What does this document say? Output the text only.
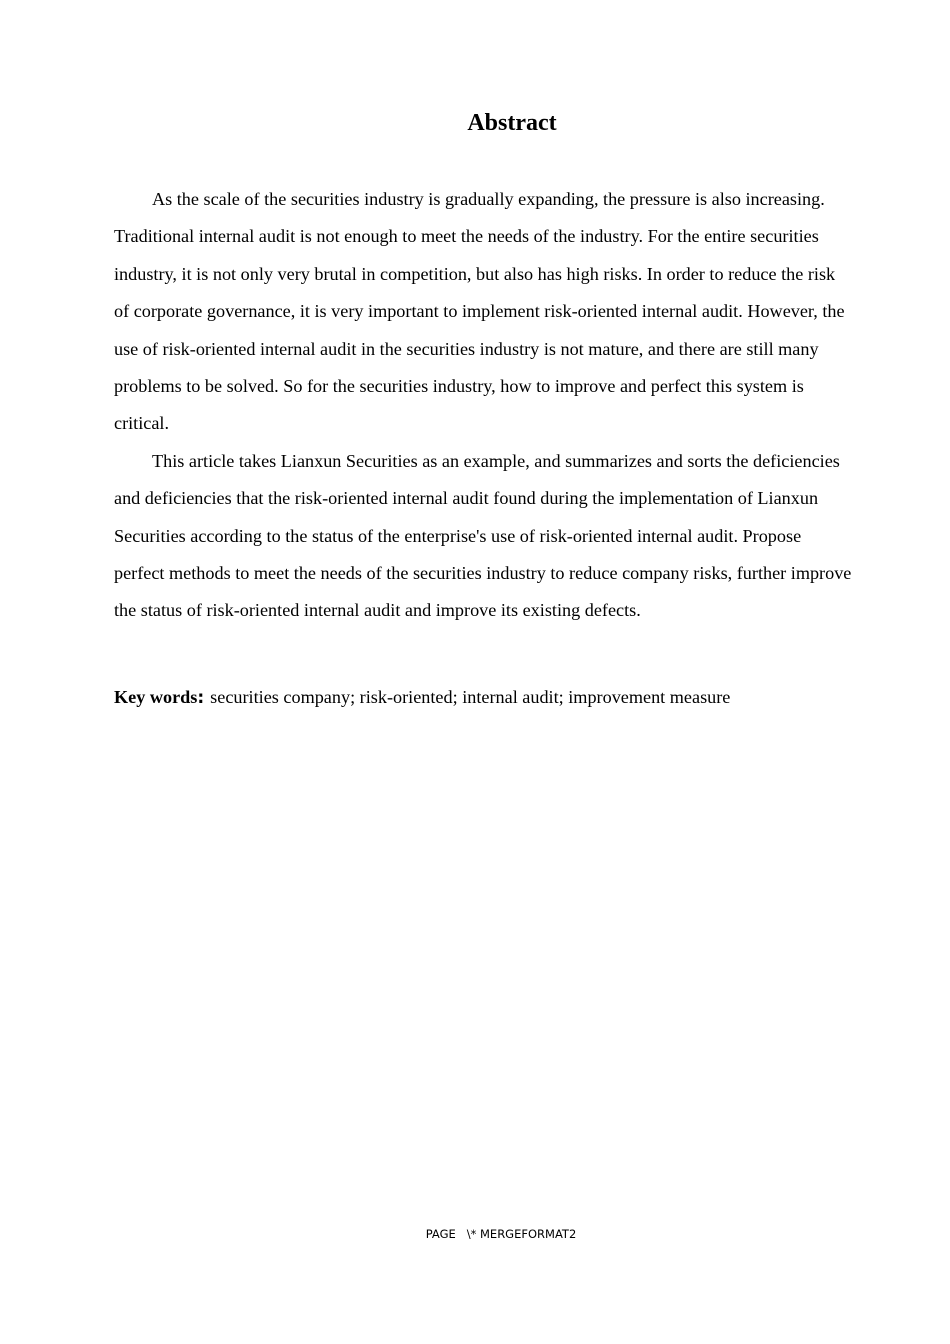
Abstract

As the scale of the securities industry is gradually expanding, the pressure is also increasing. Traditional internal audit is not enough to meet the needs of the industry. For the entire securities industry, it is not only very brutal in competition, but also has high risks. In order to reduce the risk of corporate governance, it is very important to implement risk-oriented internal audit. However, the use of risk-oriented internal audit in the securities industry is not mature, and there are still many problems to be solved. So for the securities industry, how to improve and perfect this system is critical.

This article takes Lianxun Securities as an example, and summarizes and sorts the deficiencies and deficiencies that the risk-oriented internal audit found during the implementation of Lianxun Securities according to the status of the enterprise's use of risk-oriented internal audit. Propose perfect methods to meet the needs of the securities industry to reduce company risks, further improve the status of risk-oriented internal audit and improve its existing defects.

Key words: securities company; risk-oriented; internal audit; improvement measure

PAGE   \* MERGEFORMAT2
